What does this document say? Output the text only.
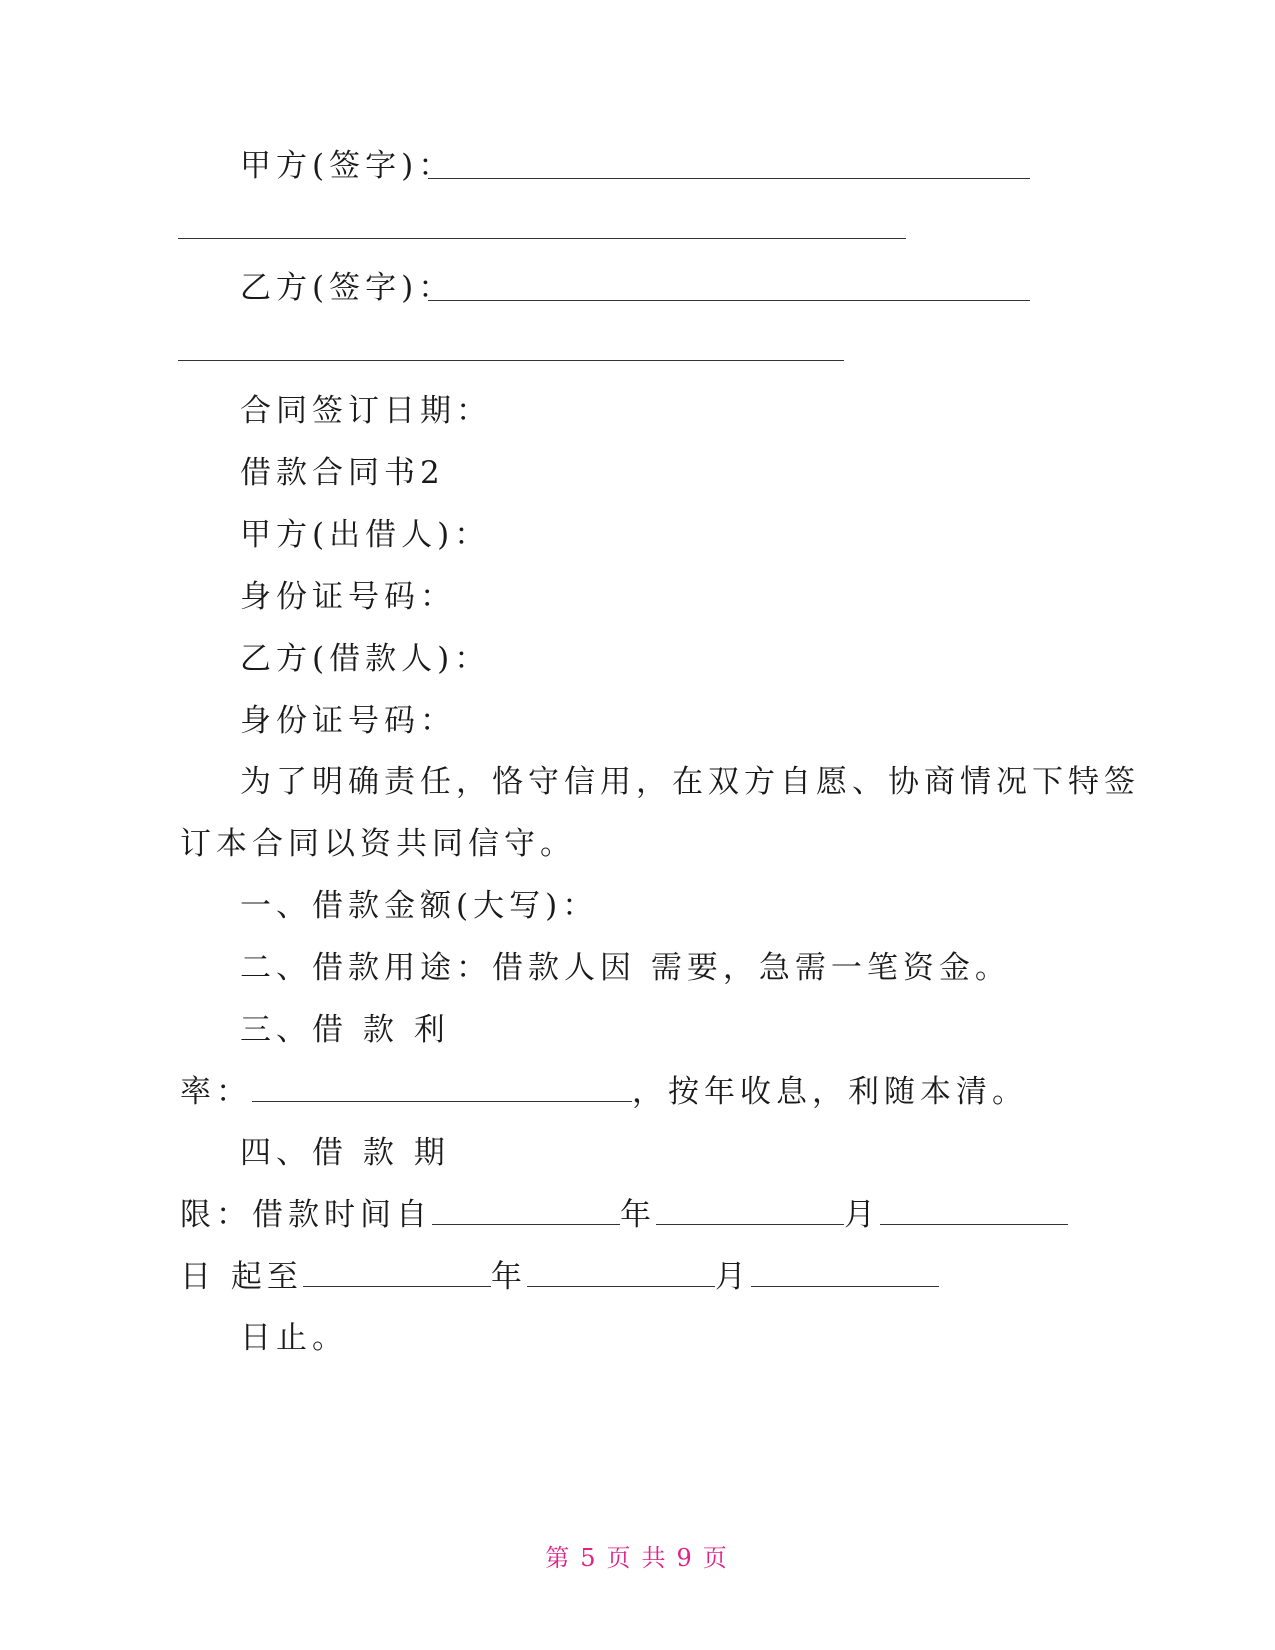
甲方(签字)：
乙方(签字)：
合同签订日期：
借款合同书2
甲方(出借人)：
身份证号码：
乙方(借款人)：
身份证号码：
为了明确责任，恪守信用，在双方自愿、协商情况下特签
订本合同以资共同信守。
一、借款金额(大写)：
二、借款用途：借款人因 需要，急需一笔资金。
三、借 款 利
率：	，按年收息，利随本清。
四、借 款 期
限：借款时间自	年	月
日 起至	年	月
日止。
第 5 页 共 9 页
